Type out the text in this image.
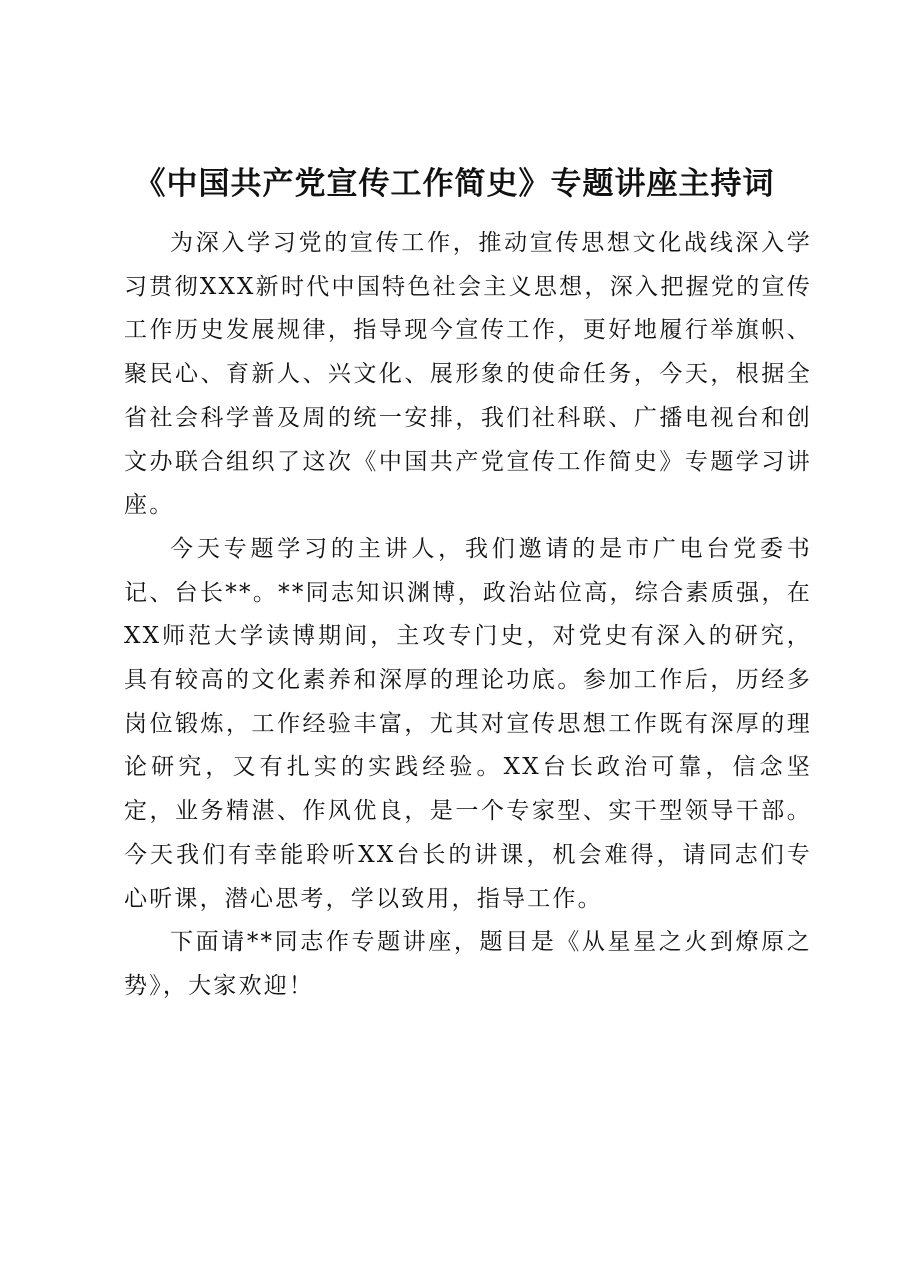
《中国共产党宣传工作简史》专题讲座主持词

为深入学习党的宣传工作，推动宣传思想文化战线深入学习贯彻XXX新时代中国特色社会主义思想，深入把握党的宣传工作历史发展规律，指导现今宣传工作，更好地履行举旗帜、聚民心、育新人、兴文化、展形象的使命任务，今天，根据全省社会科学普及周的统一安排，我们社科联、广播电视台和创文办联合组织了这次《中国共产党宣传工作简史》专题学习讲座。

今天专题学习的主讲人，我们邀请的是市广电台党委书记、台长**。**同志知识渊博，政治站位高，综合素质强，在XX师范大学读博期间，主攻专门史，对党史有深入的研究，具有较高的文化素养和深厚的理论功底。参加工作后，历经多岗位锻炼，工作经验丰富，尤其对宣传思想工作既有深厚的理论研究，又有扎实的实践经验。XX台长政治可靠，信念坚定，业务精湛、作风优良，是一个专家型、实干型领导干部。今天我们有幸能聆听XX台长的讲课，机会难得，请同志们专心听课，潜心思考，学以致用，指导工作。

下面请**同志作专题讲座，题目是《从星星之火到燎原之势》，大家欢迎！
